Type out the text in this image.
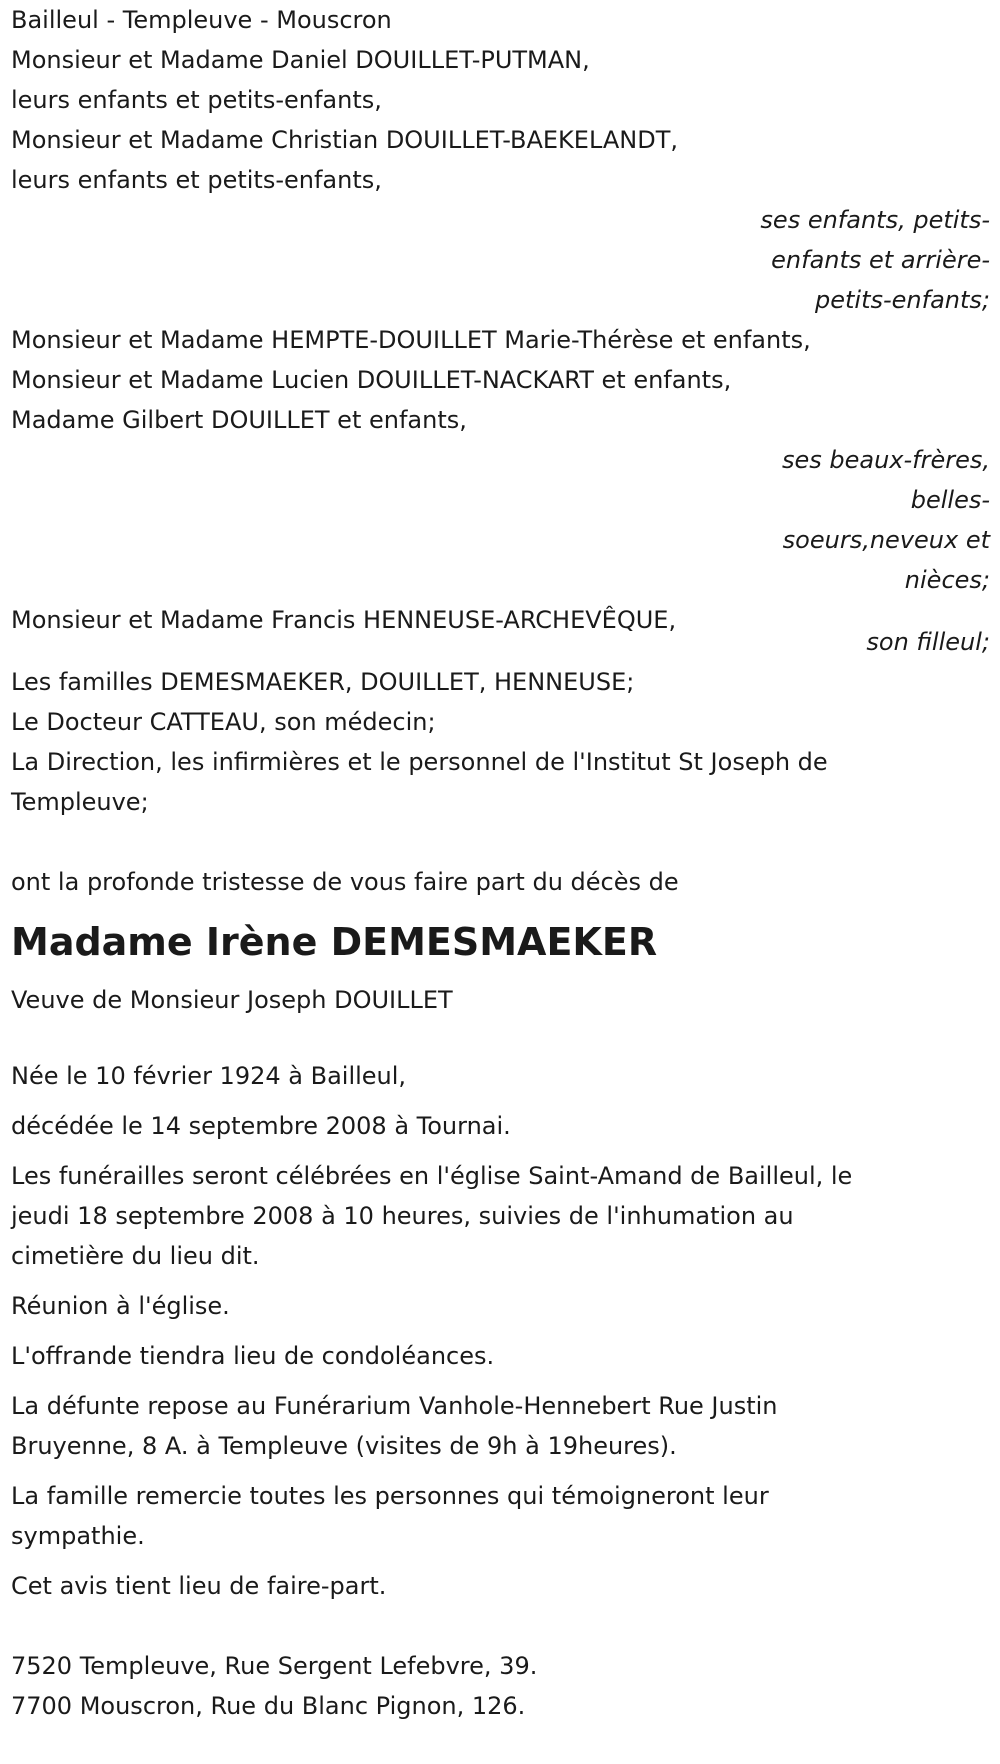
Bailleul - Templeuve - Mouscron

Monsieur et Madame Daniel DOUILLET-PUTMAN,

leurs enfants et petits-enfants,

Monsieur et Madame Christian DOUILLET-BAEKELANDT,

leurs enfants et petits-enfants,

ses enfants, petits-
enfants et arrière-
petits-enfants;

Monsieur et Madame HEMPTE-DOUILLET Marie-Thérèse et enfants,

Monsieur et Madame Lucien DOUILLET-NACKART et enfants,

Madame Gilbert DOUILLET et enfants,

ses beaux-frères,
belles-
soeurs,neveux et
nièces;

Monsieur et Madame Francis HENNEUSE-ARCHEVÊQUE,

son filleul;

Les familles DEMESMAEKER, DOUILLET, HENNEUSE;

Le Docteur CATTEAU, son médecin;

La Direction, les infirmières et le personnel de l'Institut St Joseph de

Templeuve;

ont la profonde tristesse de vous faire part du décès de

Madame Irène DEMESMAEKER

Veuve de Monsieur Joseph DOUILLET

Née le 10 février 1924 à Bailleul,

décédée le 14 septembre 2008 à Tournai.

Les funérailles seront célébrées en l'église Saint-Amand de Bailleul, le

jeudi 18 septembre 2008 à 10 heures, suivies de l'inhumation au

cimetière du lieu dit.

Réunion à l'église.

L'offrande tiendra lieu de condoléances.

La défunte repose au Funérarium Vanhole-Hennebert Rue Justin

Bruyenne, 8 A. à Templeuve (visites de 9h à 19heures).

La famille remercie toutes les personnes qui témoigneront leur

sympathie.

Cet avis tient lieu de faire-part.

7520 Templeuve, Rue Sergent Lefebvre, 39.

7700 Mouscron, Rue du Blanc Pignon, 126.
